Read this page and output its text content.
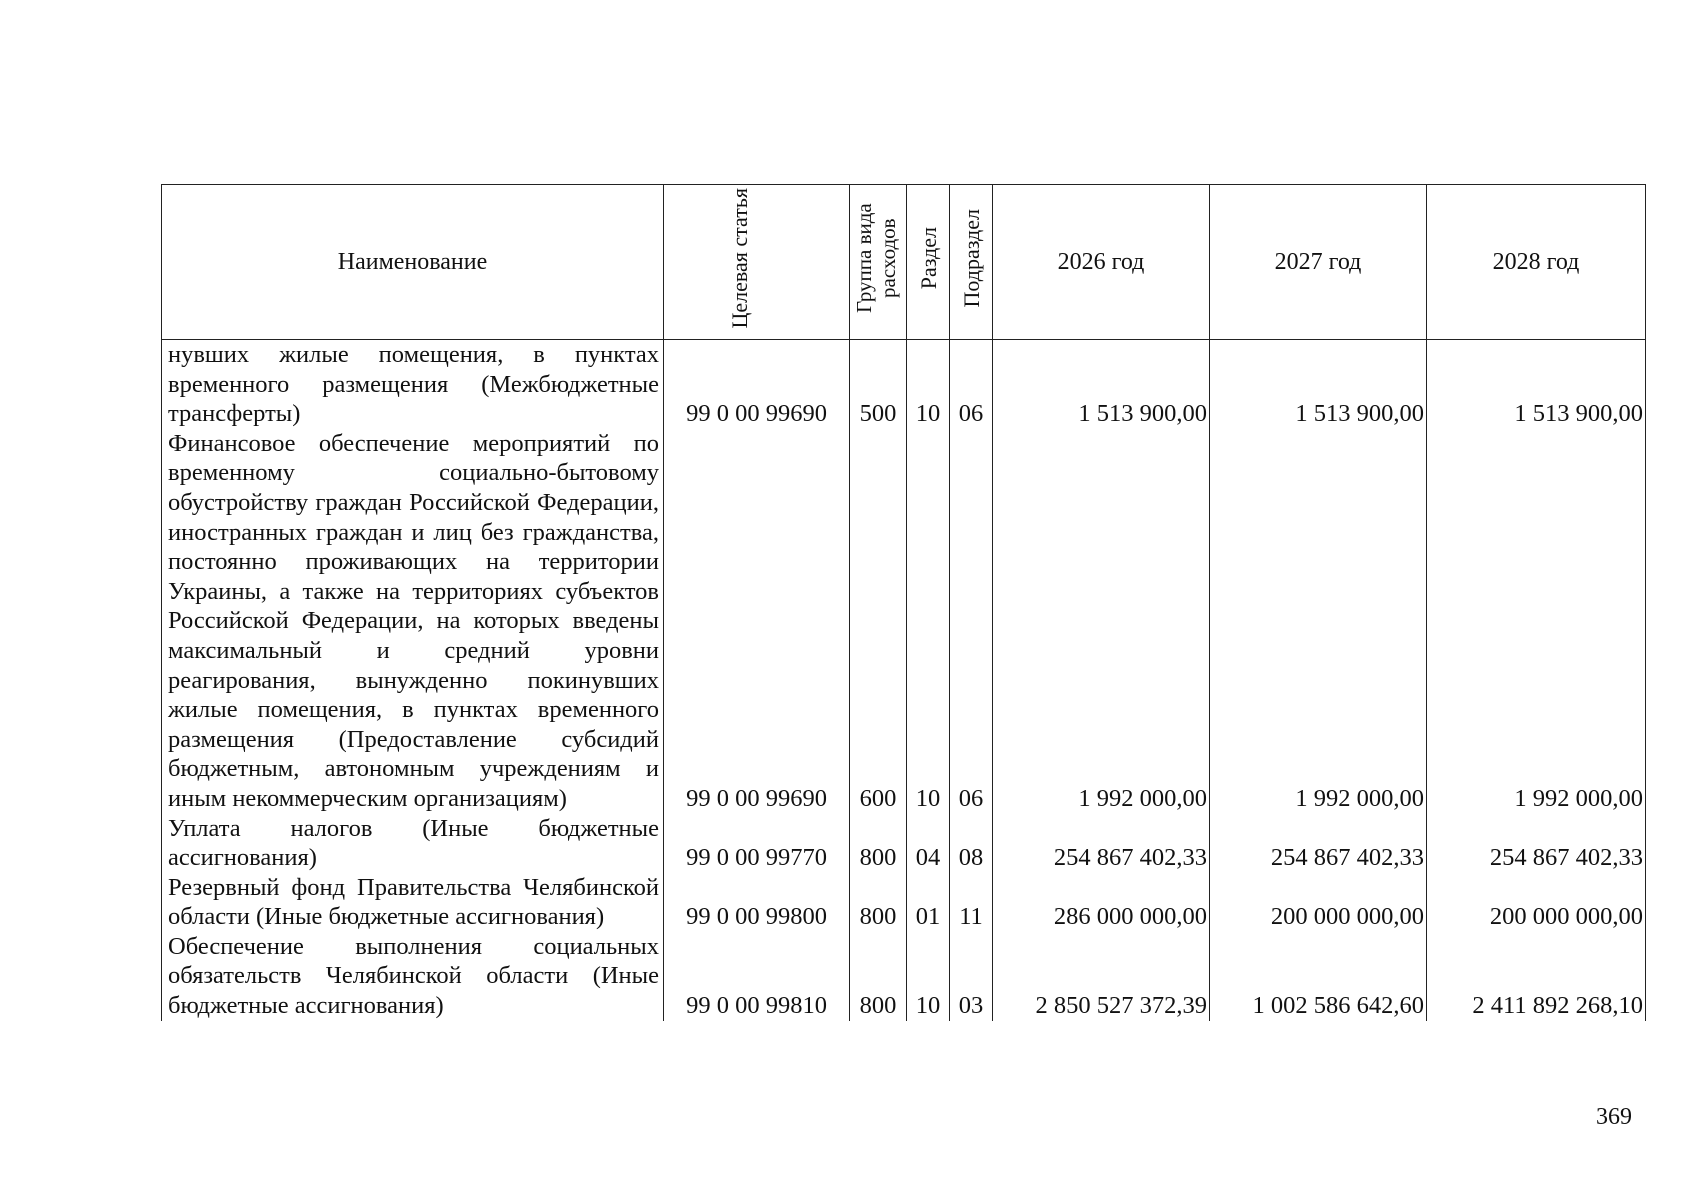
Наименование	Целевая статья	Группа вида расходов	Раздел	Подраздел	2026 год	2027 год	2028 год
нувших жилые помещения, в пунктах временного размещения (Межбюджетные трансферты)	99 0 00 99690	500	10	06	1 513 900,00	1 513 900,00	1 513 900,00
Финансовое обеспечение мероприятий по временному социально-бытовому обустройству граждан Российской Федерации, иностранных граждан и лиц без гражданства, постоянно проживающих на территории Украины, а также на территориях субъектов Российской Федерации, на которых введены максимальный и средний уровни реагирования, вынужденно покинувших жилые помещения, в пунктах временного размещения (Предоставление субсидий бюджетным, автономным учреждениям и иным некоммерческим организациям)	99 0 00 99690	600	10	06	1 992 000,00	1 992 000,00	1 992 000,00
Уплата налогов (Иные бюджетные ассигнования)	99 0 00 99770	800	04	08	254 867 402,33	254 867 402,33	254 867 402,33
Резервный фонд Правительства Челябинской области (Иные бюджетные ассигнования)	99 0 00 99800	800	01	11	286 000 000,00	200 000 000,00	200 000 000,00
Обеспечение выполнения социальных обязательств Челябинской области (Иные бюджетные ассигнования)	99 0 00 99810	800	10	03	2 850 527 372,39	1 002 586 642,60	2 411 892 268,10
369
